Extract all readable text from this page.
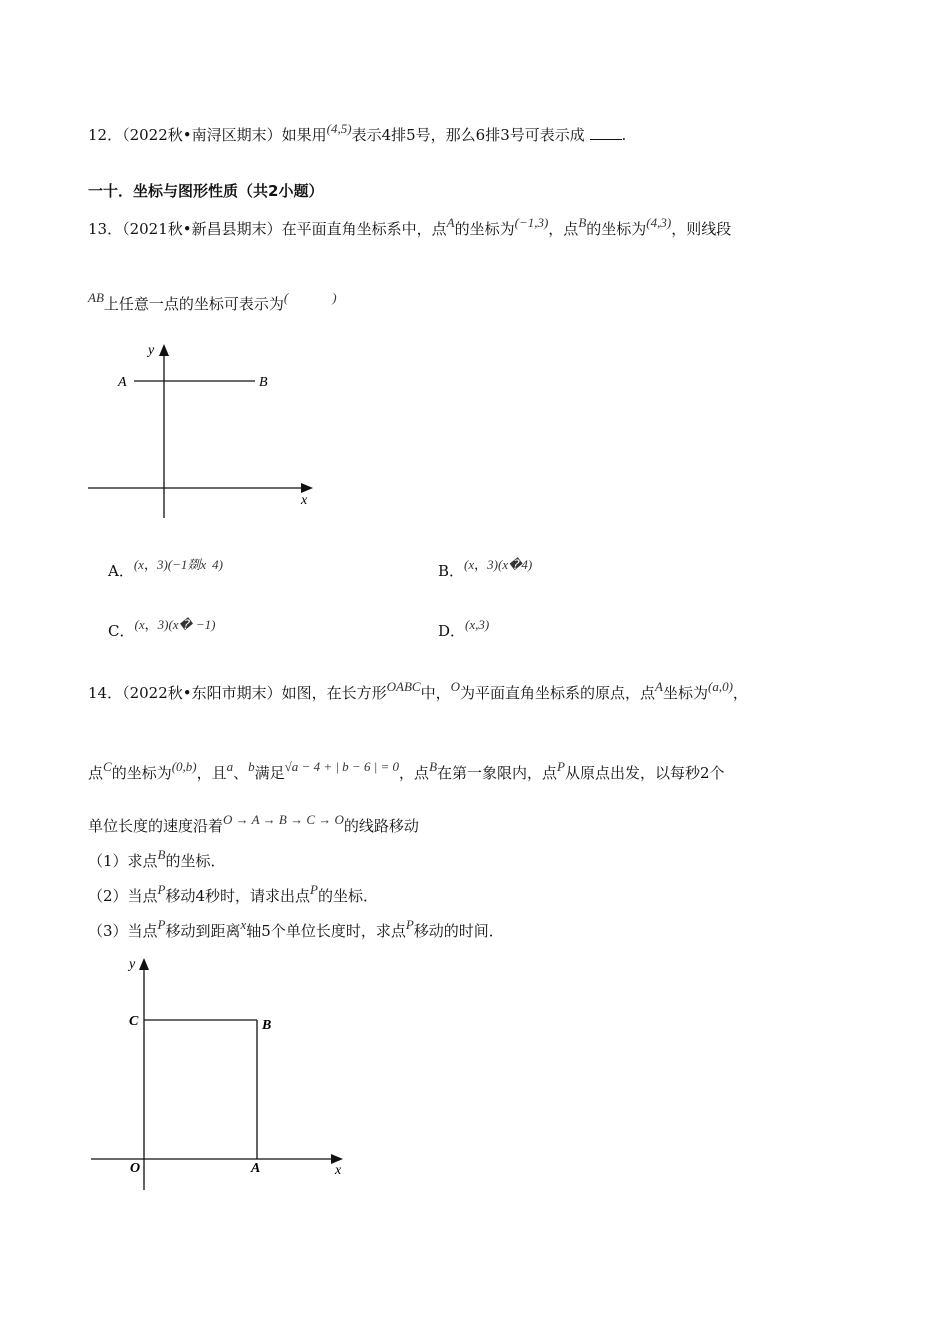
12．（2022秋•南浔区期末）如果用(4,5)表示4排5号，那么6排3号可表示成 .
一十．坐标与图形性质（共2小题）
13．（2021秋•新昌县期末）在平面直角坐标系中，点A的坐标为(−1,3)，点B的坐标为(4,3)，则线段
AB上任意一点的坐标可表示为(	)
y
x
A	B
A．(x，3)(−1剟x 4)	B．(x，3)(x�4)
C．(x，3)(x� −1)	D．(x,3)
14．（2022秋•东阳市期末）如图，在长方形OABC中，O为平面直角坐标系的原点，点A坐标为(a,0)，
点C的坐标为(0,b)，且a、b满足√a − 4 + | b − 6 | = 0，点B在第一象限内，点P从原点出发，以每秒2个
单位长度的速度沿着O → A → B → C → O的线路移动
（1）求点B的坐标．
（2）当点P移动4秒时，请求出点P的坐标．
（3）当点P移动到距离x轴5个单位长度时，求点P移动的时间．
y
x
C	B
O	A
